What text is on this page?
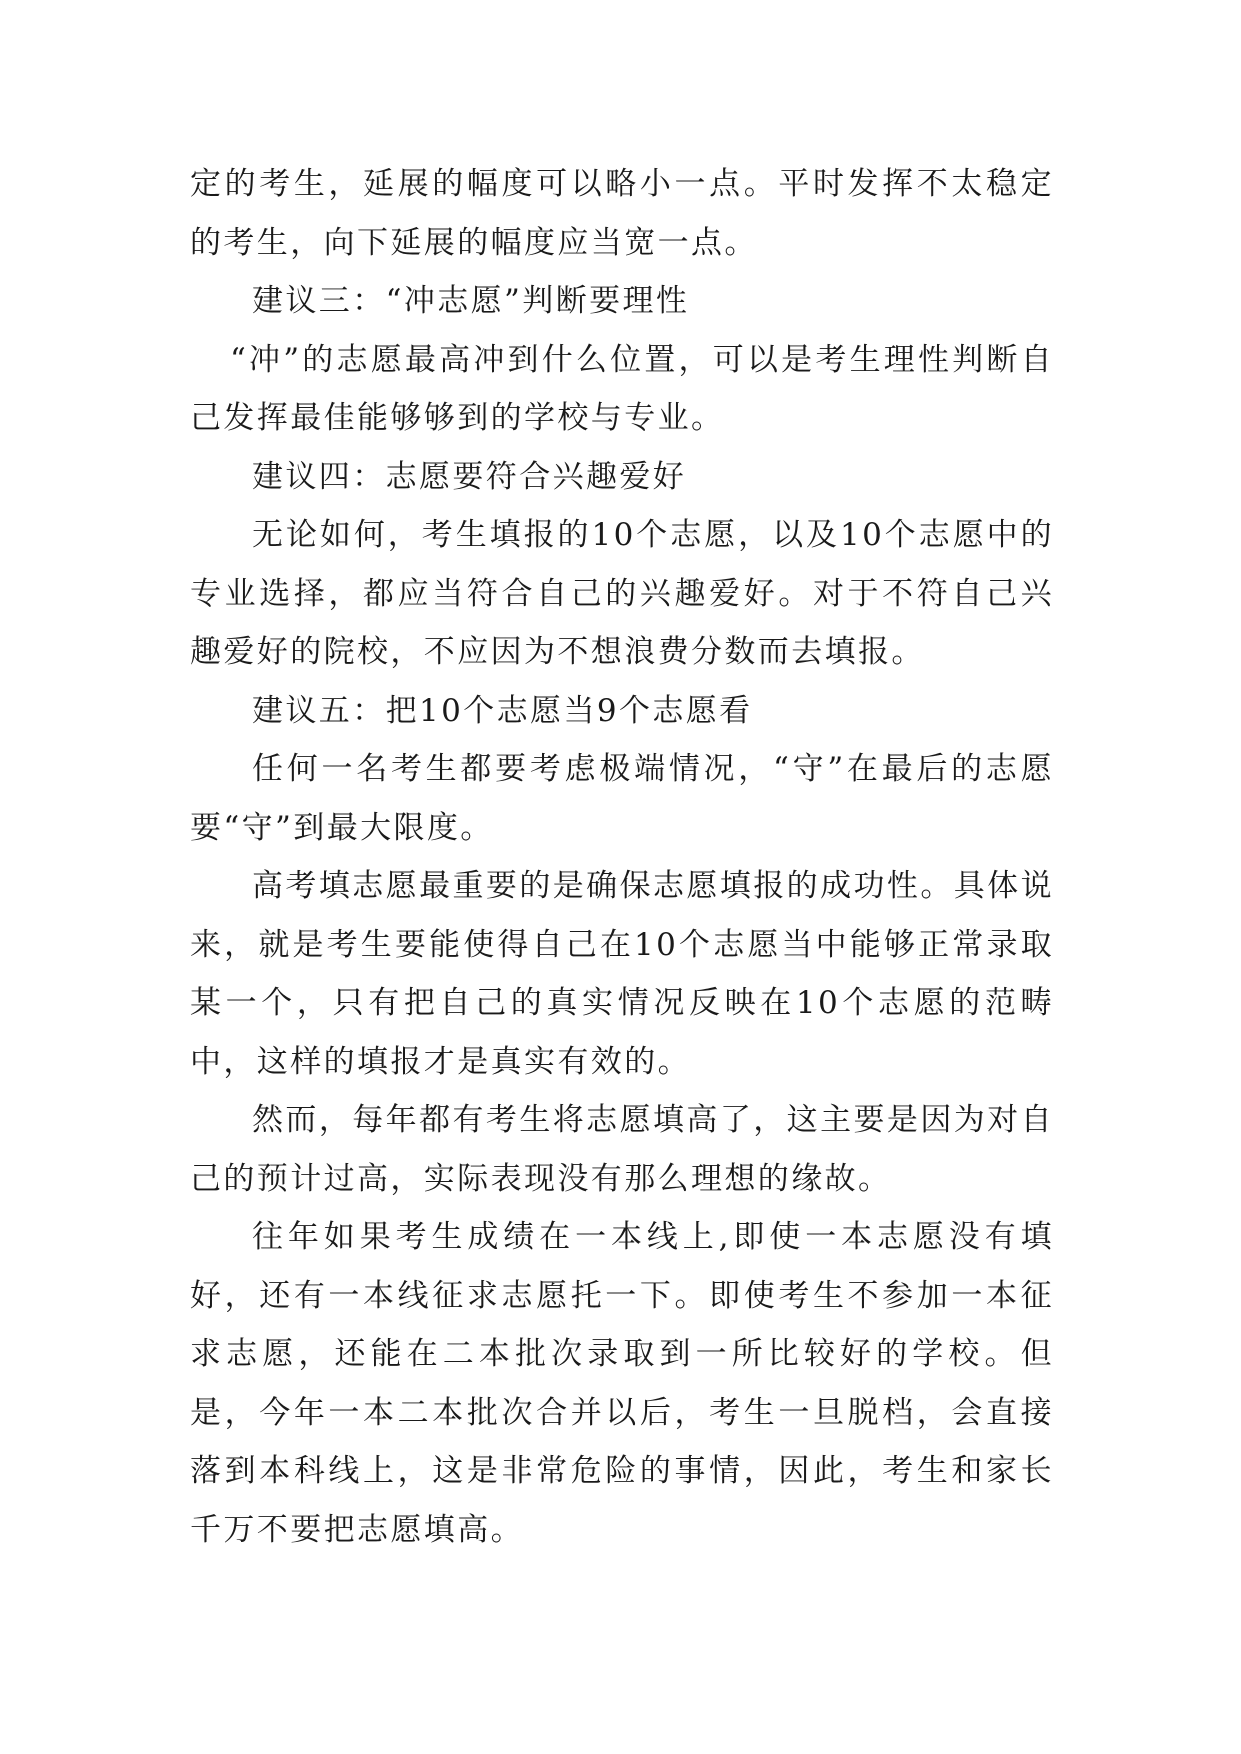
定的考生，延展的幅度可以略小一点。平时发挥不太稳定的考生，向下延展的幅度应当宽一点。

建议三：“冲志愿”判断要理性

“冲”的志愿最高冲到什么位置，可以是考生理性判断自己发挥最佳能够够到的学校与专业。

建议四：志愿要符合兴趣爱好

无论如何，考生填报的10个志愿，以及10个志愿中的专业选择，都应当符合自己的兴趣爱好。对于不符自己兴趣爱好的院校，不应因为不想浪费分数而去填报。

建议五：把10个志愿当9个志愿看

任何一名考生都要考虑极端情况，“守”在最后的志愿要“守”到最大限度。

高考填志愿最重要的是确保志愿填报的成功性。具体说来，就是考生要能使得自己在10个志愿当中能够正常录取某一个，只有把自己的真实情况反映在10个志愿的范畴中，这样的填报才是真实有效的。

然而，每年都有考生将志愿填高了，这主要是因为对自己的预计过高，实际表现没有那么理想的缘故。

往年如果考生成绩在一本线上,即使一本志愿没有填好，还有一本线征求志愿托一下。即使考生不参加一本征求志愿，还能在二本批次录取到一所比较好的学校。但是，今年一本二本批次合并以后，考生一旦脱档，会直接落到本科线上，这是非常危险的事情，因此，考生和家长千万不要把志愿填高。
